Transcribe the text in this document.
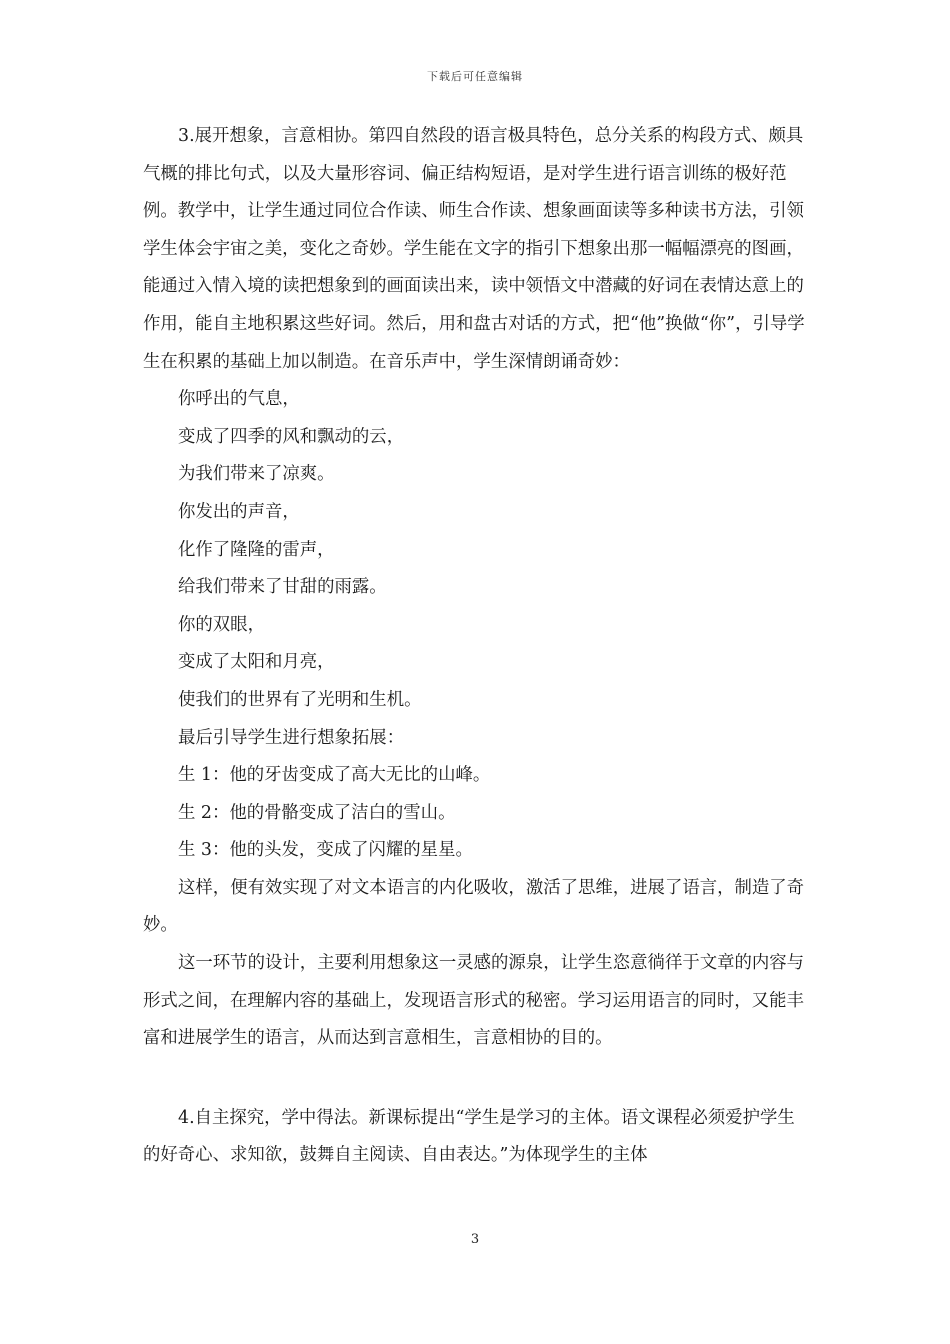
下载后可任意编辑

3.展开想象，言意相协。第四自然段的语言极具特色，总分关系的构段方式、颇具气概的排比句式，以及大量形容词、偏正结构短语，是对学生进行语言训练的极好范例。教学中，让学生通过同位合作读、师生合作读、想象画面读等多种读书方法，引领学生体会宇宙之美，变化之奇妙。学生能在文字的指引下想象出那一幅幅漂亮的图画，能通过入情入境的读把想象到的画面读出来，读中领悟文中潜藏的好词在表情达意上的作用，能自主地积累这些好词。然后，用和盘古对话的方式，把“他”换做“你”，引导学生在积累的基础上加以制造。在音乐声中，学生深情朗诵奇妙：

你呼出的气息，

变成了四季的风和飘动的云，

为我们带来了凉爽。

你发出的声音，

化作了隆隆的雷声，

给我们带来了甘甜的雨露。

你的双眼，

变成了太阳和月亮，

使我们的世界有了光明和生机。

最后引导学生进行想象拓展：

生 1：他的牙齿变成了高大无比的山峰。

生 2：他的骨骼变成了洁白的雪山。

生 3：他的头发，变成了闪耀的星星。

这样，便有效实现了对文本语言的内化吸收，激活了思维，进展了语言，制造了奇妙。

这一环节的设计，主要利用想象这一灵感的源泉，让学生恣意徜徉于文章的内容与形式之间，在理解内容的基础上，发现语言形式的秘密。学习运用语言的同时，又能丰富和进展学生的语言，从而达到言意相生，言意相协的目的。

4.自主探究，学中得法。新课标提出“学生是学习的主体。语文课程必须爱护学生的好奇心、求知欲，鼓舞自主阅读、自由表达。”为体现学生的主体

3
